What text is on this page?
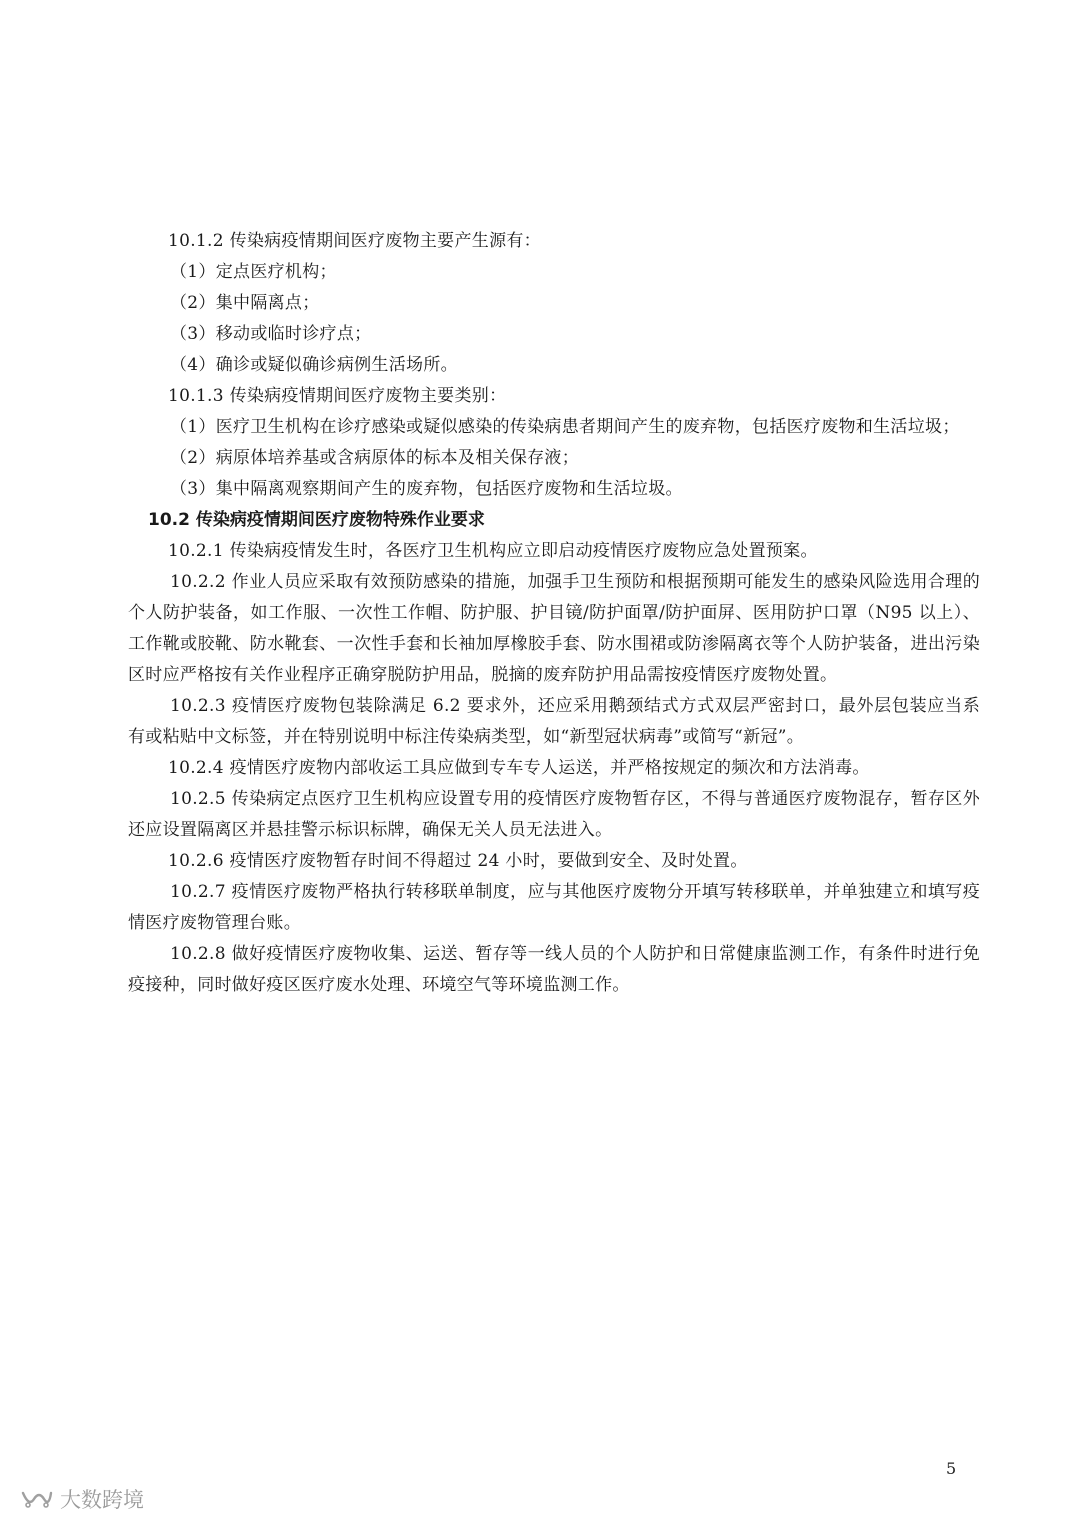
10.1.2 传染病疫情期间医疗废物主要产生源有：
（1）定点医疗机构；
（2）集中隔离点；
（3）移动或临时诊疗点；
（4）确诊或疑似确诊病例生活场所。
10.1.3 传染病疫情期间医疗废物主要类别：
（1）医疗卫生机构在诊疗感染或疑似感染的传染病患者期间产生的废弃物，包括医疗废物和生活垃圾；
（2）病原体培养基或含病原体的标本及相关保存液；
（3）集中隔离观察期间产生的废弃物，包括医疗废物和生活垃圾。
10.2 传染病疫情期间医疗废物特殊作业要求
10.2.1 传染病疫情发生时，各医疗卫生机构应立即启动疫情医疗废物应急处置预案。
10.2.2 作业人员应采取有效预防感染的措施，加强手卫生预防和根据预期可能发生的感染风险选用合理的个人防护装备，如工作服、一次性工作帽、防护服、护目镜/防护面罩/防护面屏、医用防护口罩（N95 以上）、工作靴或胶靴、防水靴套、一次性手套和长袖加厚橡胶手套、防水围裙或防渗隔离衣等个人防护装备，进出污染区时应严格按有关作业程序正确穿脱防护用品，脱摘的废弃防护用品需按疫情医疗废物处置。
10.2.3 疫情医疗废物包装除满足 6.2 要求外，还应采用鹅颈结式方式双层严密封口，最外层包装应当系有或粘贴中文标签，并在特别说明中标注传染病类型，如“新型冠状病毒”或简写“新冠”。
10.2.4 疫情医疗废物内部收运工具应做到专车专人运送，并严格按规定的频次和方法消毒。
10.2.5 传染病定点医疗卫生机构应设置专用的疫情医疗废物暂存区，不得与普通医疗废物混存，暂存区外还应设置隔离区并悬挂警示标识标牌，确保无关人员无法进入。
10.2.6 疫情医疗废物暂存时间不得超过 24 小时，要做到安全、及时处置。
10.2.7 疫情医疗废物严格执行转移联单制度，应与其他医疗废物分开填写转移联单，并单独建立和填写疫情医疗废物管理台账。
10.2.8 做好疫情医疗废物收集、运送、暂存等一线人员的个人防护和日常健康监测工作，有条件时进行免疫接种，同时做好疫区医疗废水处理、环境空气等环境监测工作。
5
大数跨境
